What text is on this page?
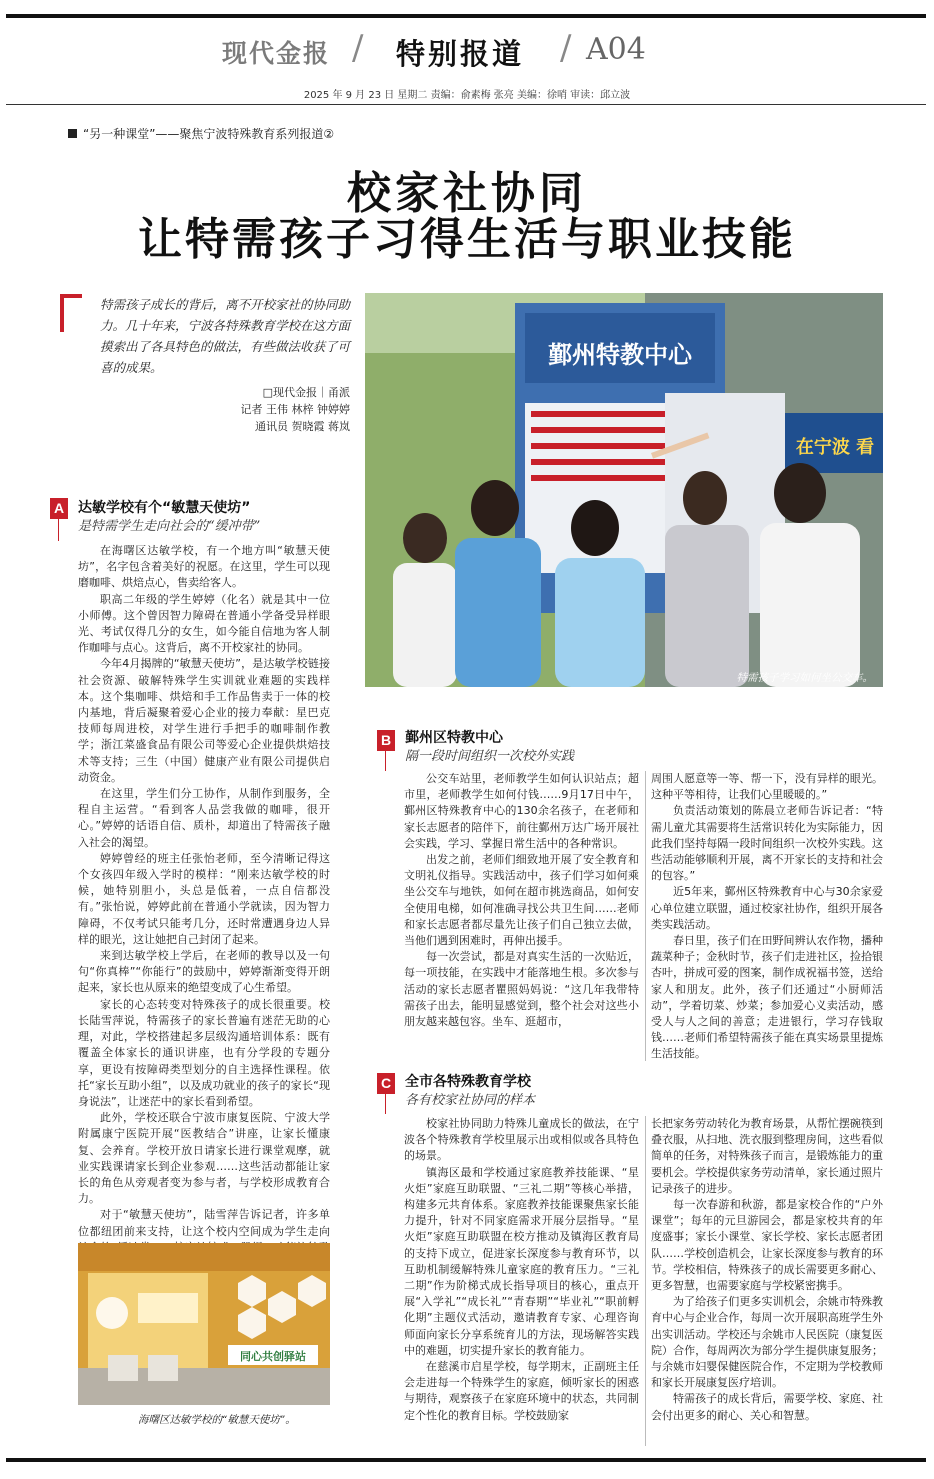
现代金报 / 特别报道 / A04
2025 年 9 月 23 日 星期二 责编：俞素梅 张亮 美编：徐哨 审读：邱立波
“另一种课堂”——聚焦宁波特殊教育系列报道②
校家社协同
让特需孩子习得生活与职业技能

特需孩子成长的背后，离不开校家社的协同助力。几十年来，宁波各特殊教育学校在这方面摸索出了各具特色的做法，有些做法收获了可喜的成果。

□现代金报｜甬派
记者 王伟 林梓 钟婷婷
通讯员 贺晓霞 蒋岚
鄞州特教中心
在宁波 看
特需孩子学习如何坐公交车。
A 达敏学校有个“敏慧天使坊”
是特需学生走向社会的“缓冲带”

在海曙区达敏学校，有一个地方叫“敏慧天使坊”，名字包含着美好的祝愿。在这里，学生可以现磨咖啡、烘焙点心，售卖给客人。

职高二年级的学生婷婷（化名）就是其中一位小师傅。这个曾因智力障碍在普通小学备受异样眼光、考试仅得几分的女生，如今能自信地为客人制作咖啡与点心。这背后，离不开校家社的协同。

今年4月揭牌的“敏慧天使坊”，是达敏学校链接社会资源、破解特殊学生实训就业难题的实践样本。这个集咖啡、烘焙和手工作品售卖于一体的校内基地，背后凝聚着爱心企业的接力奉献：星巴克技师每周进校，对学生进行手把手的咖啡制作教学；浙江菜盛食品有限公司等爱心企业提供烘焙技术等支持；三生（中国）健康产业有限公司提供启动资金。

在这里，学生们分工协作，从制作到服务，全程自主运营。“看到客人品尝我做的咖啡，很开心。”婷婷的话语自信、质朴，却道出了特需孩子融入社会的渴望。

婷婷曾经的班主任张怡老师，至今清晰记得这个女孩四年级入学时的模样：“刚来达敏学校的时候，她特别胆小，头总是低着，一点自信都没有。”张怡说，婷婷此前在普通小学就读，因为智力障碍，不仅考试只能考几分，还时常遭遇身边人异样的眼光，这让她把自己封闭了起来。

来到达敏学校上学后，在老师的教导以及一句句“你真棒”“你能行”的鼓励中，婷婷渐渐变得开朗起来，家长也从原来的绝望变成了心生希望。

家长的心态转变对特殊孩子的成长很重要。校长陆雪萍说，特需孩子的家长普遍有迷茫无助的心理，对此，学校搭建起多层级沟通培训体系：既有覆盖全体家长的通识讲座，也有分学段的专题分享，更设有按障碍类型划分的自主选择性课程。依托“家长互助小组”，以及成功就业的孩子的家长“现身说法”，让迷茫中的家长看到希望。

此外，学校还联合宁波市康复医院、宁波大学附属康宁医院开展“医教结合”讲座，让家长懂康复、会养育。学校开放日请家长进行课堂观摩，就业实践课请家长到企业参观……这些活动都能让家长的角色从旁观者变为参与者，与学校形成教育合力。

对于“敏慧天使坊”，陆雪萍告诉记者，许多单位都纽团前来支持，让这个校内空间成为学生走向

同心共创驿站
海曙区达敏学校的“敏慧天使坊”。
B 鄞州区特教中心
隔一段时间组织一次校外实践

公交车站里，老师教学生如何认识站点；超市里，老师教学生如何付钱……9月17日中午，鄞州区特殊教育中心的130余名孩子，在老师和家长志愿者的陪伴下，前往鄞州万达广场开展社会实践，学习、掌握日常生活中的各种常识。

出发之前，老师们细致地开展了安全教育和文明礼仪指导。实践活动中，孩子们学习如何乘坐公交车与地铁，如何在超市挑选商品，如何安全使用电梯，如何准确寻找公共卫生间……老师和家长志愿者都尽量先让孩子们自己独立去做，当他们遇到困难时，再伸出援手。

每一次尝试，都是对真实生活的一次贴近，每一项技能，在实践中才能落地生根。多次参与活动的家长志愿者瞿照妈妈说：“这几年我带特需孩子出去，能明显感觉到，整个社会对这些小朋友越来越包容。坐车、逛超市，

周围人愿意等一等、帮一下，没有异样的眼光。这种平等相待，让我们心里暖暖的。”

负责活动策划的陈晨立老师告诉记者：“特需儿童尤其需要将生活常识转化为实际能力，因此我们坚持每隔一段时间组织一次校外实践。这些活动能够顺利开展，离不开家长的支持和社会的包容。”

近5年来，鄞州区特殊教育中心与30余家爱心单位建立联盟，通过校家社协作，组织开展各类实践活动。

春日里，孩子们在田野间辨认农作物，播种蔬菜种子；金秋时节，孩子们走进社区，捡拾银杏叶，拼成可爱的图案，制作成祝福书签，送给家人和朋友。此外，孩子们还通过“小厨师活动”，学着切菜、炒菜；参加爱心义卖活动，感受人与人之间的善意；走进银行，学习存钱取钱……老师们希望特需孩子能在真实场景里提炼生活技能。

C 全市各特殊教育学校
各有校家社协同的样本

校家社协同助力特殊儿童成长的做法，在宁波各个特殊教育学校里展示出或相似或各具特色的场景。

镇海区最和学校通过家庭教养技能课、“星火炬”家庭互助联盟、“三礼二期”等核心举措，构建多元共育体系。家庭教养技能课聚焦家长能力提升，针对不同家庭需求开展分层指导。“星火炬”家庭互助联盟在校方推动及镇海区教育局的支持下成立，促进家长深度参与教育环节，以互助机制缓解特殊儿童家庭的教育压力。“三礼二期”作为阶梯式成长指导项目的核心，重点开展“入学礼”“成长礼”“青春期”“毕业礼”“职前孵化期”主题仪式活动，邀请教育专家、心理咨询师面向家长分享系统育儿的方法，现场解答实践中的难题，切实提升家长的教育能力。

在慈溪市启星学校，每学期末，正副班主任会走进每一个特殊学生的家庭，倾听家长的困惑与期待，观察孩子在家庭环境中的状态，共同制定个性化的教育目标。学校鼓励家

长把家务劳动转化为教育场景，从帮忙摆碗筷到叠衣服，从扫地、洗衣服到整理房间，这些看似简单的任务，对特殊孩子而言，是锻炼能力的重要机会。学校提供家务劳动清单，家长通过照片记录孩子的进步。

每一次春游和秋游，都是家校合作的“户外课堂”；每年的元旦游园会，都是家校共育的年度盛事；家长小课堂、家长学校、家长志愿者团队……学校创造机会，让家长深度参与教育的环节。学校相信，特殊孩子的成长需要更多耐心、更多智慧，也需要家庭与学校紧密携手。

为了给孩子们更多实训机会，余姚市特殊教育中心与企业合作，每周一次开展职高班学生外出实训活动。学校还与余姚市人民医院（康复医院）合作，每周两次为部分学生提供康复服务；与余姚市妇婴保健医院合作，不定期为学校教师和家长开展康复医疗培训。

特需孩子的成长背后，需要学校、家庭、社会付出更多的耐心、关心和智慧。
